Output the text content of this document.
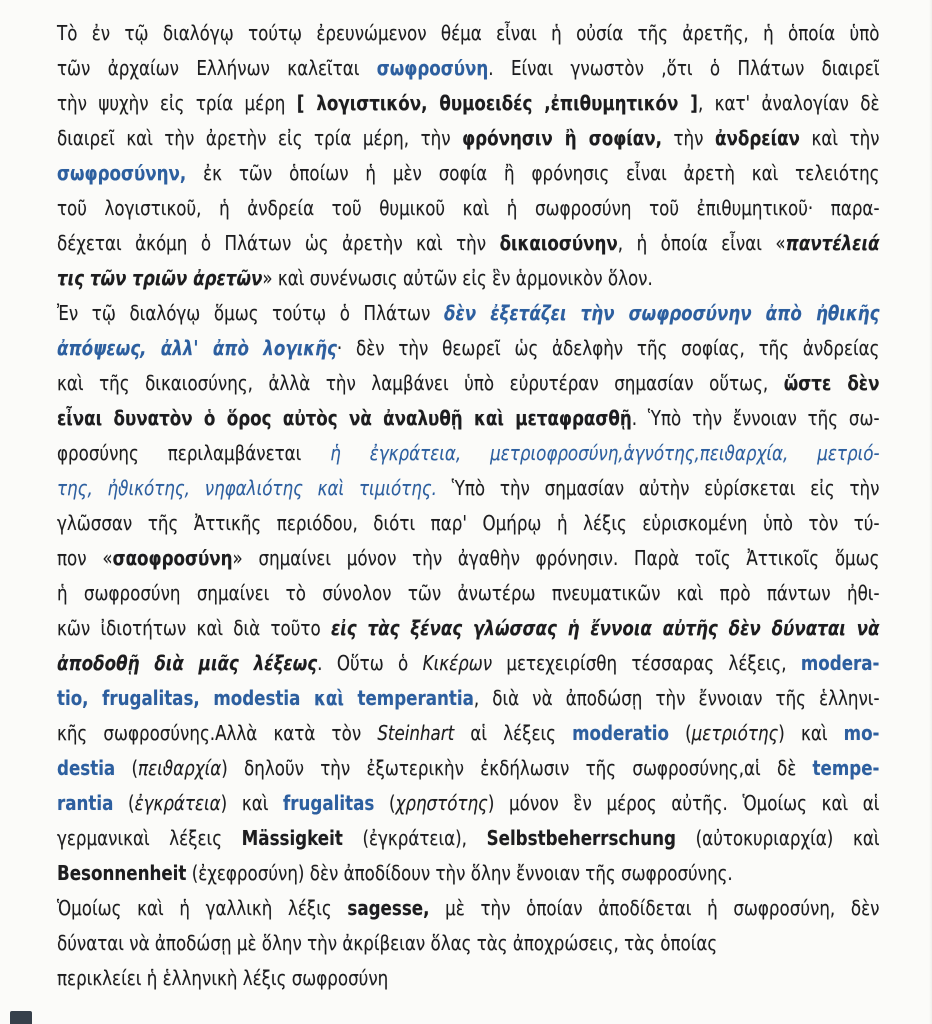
Τὸ ἐν τῷ διαλόγῳ τούτῳ ἐρευνώμενον θέμα εἶναι ἡ οὐσία τῆς ἀρετῆς, ἡ ὁποία ὑπὸ
τῶν ἀρχαίων Ελλήνων καλεῖται σωφροσύνη. Είναι γνωστὸν ,ὅτι ὁ Πλάτων διαιρεῖ
τὴν ψυχὴν εἰς τρία μέρη [ λογιστικόν, θυμοειδές ,ἐπιθυμητικόν ], κατ' ἀναλογίαν δὲ
διαιρεῖ καὶ τὴν ἀρετὴν εἰς τρία μέρη, τὴν φρόνησιν ἢ σοφίαν, τὴν ἀνδρείαν καὶ τὴν
σωφροσύνην, ἐκ τῶν ὁποίων ἡ μὲν σοφία ἢ φρόνησις εἶναι ἀρετὴ καὶ τελειότης
τοῦ λογιστικοῦ, ἡ ἀνδρεία τοῦ θυμικοῦ καὶ ἡ σωφροσύνη τοῦ ἐπιθυμητικοῦ· παρα-
δέχεται ἀκόμη ὁ Πλάτων ὡς ἀρετὴν καὶ τὴν δικαιοσύνην, ἡ ὁποία εἶναι «παντέλειά
τις τῶν τριῶν ἀρετῶν» καὶ συνένωσις αὐτῶν εἰς ἓν ἁρμονικὸν ὅλον.
Ἐν τῷ διαλόγῳ ὅμως τούτῳ ὁ Πλάτων δὲν ἐξετάζει τὴν σωφροσύνην ἀπὸ ἠθικῆς
ἀπόψεως, ἀλλ' ἀπὸ λογικῆς· δὲν τὴν θεωρεῖ ὡς ἀδελφὴν τῆς σοφίας, τῆς ἀνδρείας
καὶ τῆς δικαιοσύνης, ἀλλὰ τὴν λαμβάνει ὑπὸ εὐρυτέραν σημασίαν οὕτως, ὥστε δὲν
εἶναι δυνατὸν ὁ ὅρος αὐτὸς νὰ ἀναλυθῇ καὶ μεταφρασθῇ. Ὑπὸ τὴν ἔννοιαν τῆς σω-
φροσύνης περιλαμβάνεται ἡ ἐγκράτεια, μετριοφροσύνη,ἁγνότης,πειϑαρχία, μετριό-
της, ἠϑικότης, νηφαλιότης καὶ τιμιότης. Ὑπὸ τὴν σημασίαν αὐτὴν εὑρίσκεται εἰς τὴν
γλῶσσαν τῆς Ἀττικῆς περιόδου, διότι παρ' Ομήρῳ ἡ λέξις εὑρισκομένη ὑπὸ τὸν τύ-
πον «σαοφροσύνη» σημαίνει μόνον τὴν ἀγαθὴν φρόνησιν. Παρὰ τοῖς Ἀττικοῖς ὅμως
ἡ σωφροσύνη σημαίνει τὸ σύνολον τῶν ἀνωτέρω πνευματικῶν καὶ πρὸ πάντων ἠθι-
κῶν ἰδιοτήτων καὶ διὰ τοῦτο εἰς τὰς ξένας γλώσσας ἡ ἔννοια αὐτῆς δὲν δύναται νὰ
ἀποδοθῇ διὰ μιᾶς λέξεως. Οὕτω ὁ Κικέρων μετεχειρίσθη τέσσαρας λέξεις, modera-
tio, frugalitas, modestia καὶ temperantia, διὰ νὰ ἀποδώσῃ τὴν ἔννοιαν τῆς ἑλληνι-
κῆς σωφροσύνης.Αλλὰ κατὰ τὸν Steinhart αἱ λέξεις moderatio (μετριότης) καὶ mo-
destia (πειϑαρχία) δηλοῦν τὴν ἐξωτερικὴν ἐκδήλωσιν τῆς σωφροσύνης,αἱ δὲ tempe-
rantia (ἐγκράτεια) καὶ frugalitas (χρηστότης) μόνον ἓν μέρος αὐτῆς. Ὁμοίως καὶ αἱ
γερμανικαὶ λέξεις Mässigkeit (ἐγκράτεια), Selbstbeherrschung (αὐτοκυριαρχία) καὶ
Besonnenheit (ἐχεφροσύνη) δὲν ἀποδίδουν τὴν ὅλην ἔννοιαν τῆς σωφροσύνης.
Ὁμοίως καὶ ἡ γαλλικὴ λέξις sagesse, μὲ τὴν ὁποίαν ἀποδίδεται ἡ σωφροσύνη, δὲν
δύναται νὰ ἀποδώσῃ μὲ ὅλην τὴν ἀκρίβειαν ὅλας τὰς ἀποχρώσεις, τὰς ὁποίας
περικλείει ἡ ἑλληνικὴ λέξις σωφροσύνη
